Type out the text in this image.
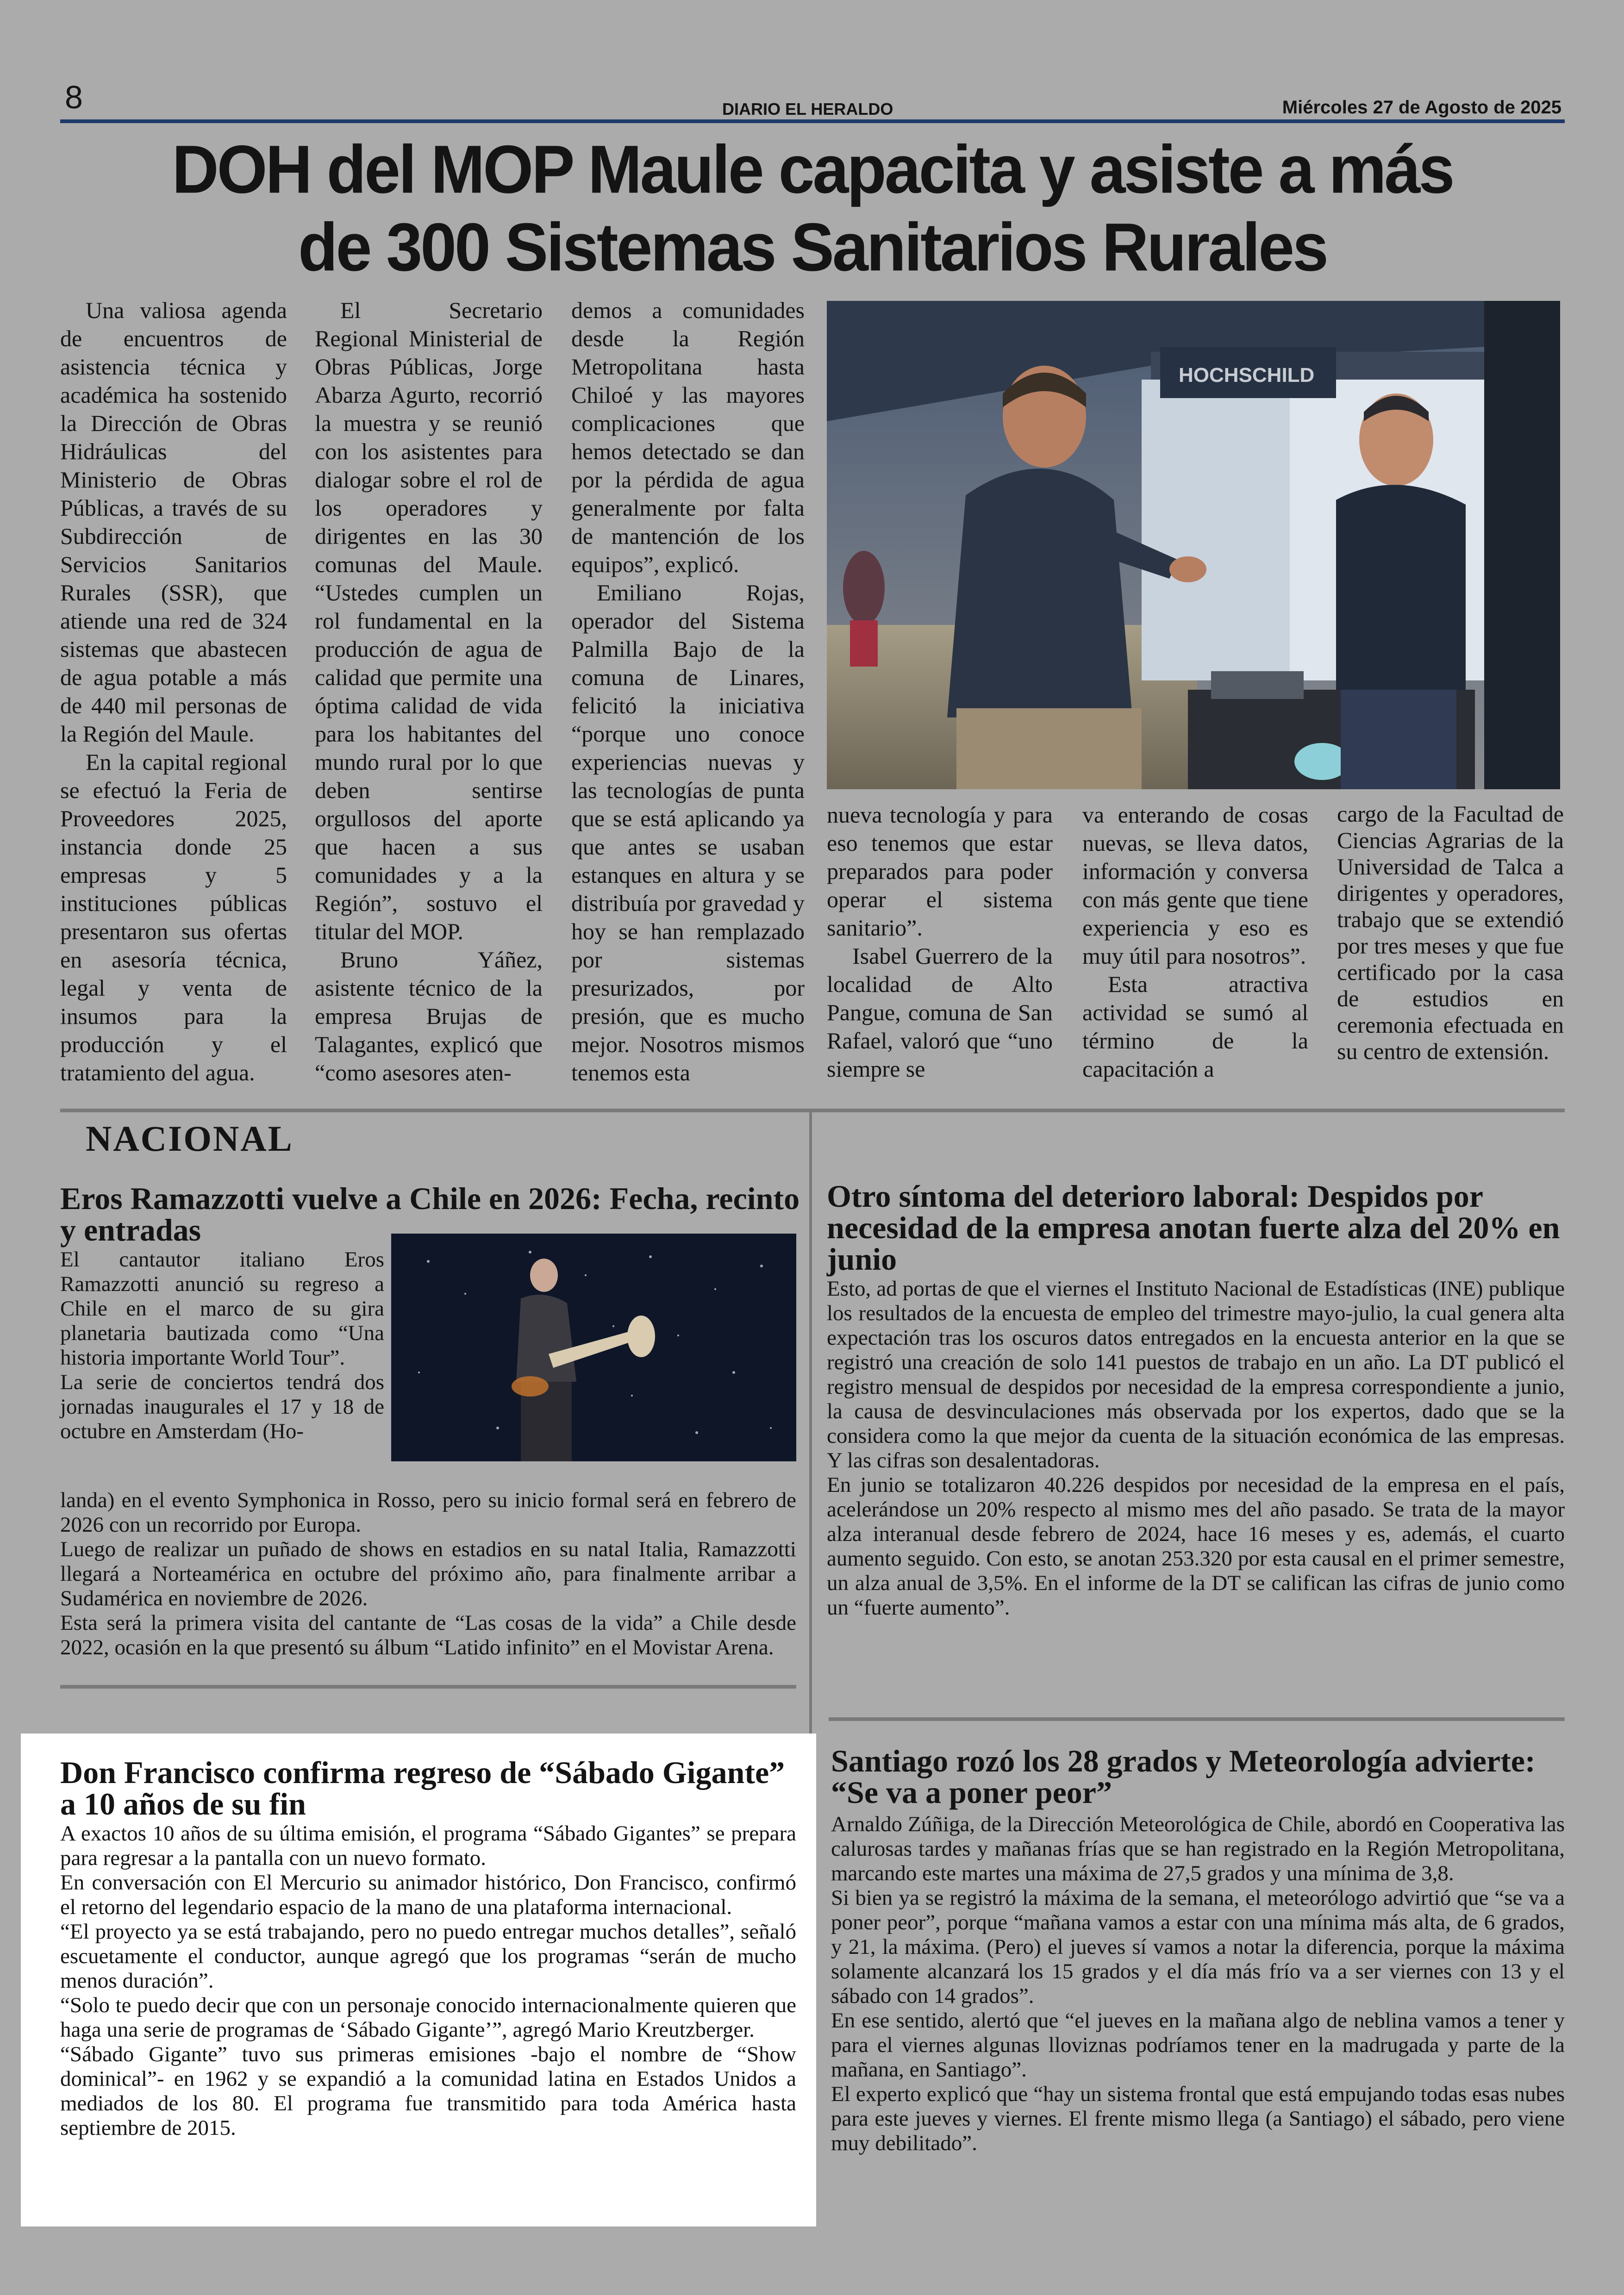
8	DIARIO EL HERALDO	Miércoles 27 de Agosto de 2025
DOH del MOP Maule capacita y asiste a más
de 300 Sistemas Sanitarios Rurales

Una valiosa agenda de encuentros de asistencia técnica y académica ha sostenido la Dirección de Obras Hidráulicas del Ministerio de Obras Públicas, a través de su Subdirección de Servicios Sanitarios Rurales (SSR), que atiende una red de 324 sistemas que abastecen de agua potable a más de 440 mil personas de la Región del Maule.

En la capital regional se efectuó la Feria de Proveedores 2025, instancia donde 25 empresas y 5 instituciones públicas presentaron sus ofertas en asesoría técnica, legal y venta de insumos para la producción y el tratamiento del agua.

El Secretario Regional Ministerial de Obras Públicas, Jorge Abarza Agurto, recorrió la muestra y se reunió con los asistentes para dialogar sobre el rol de los operadores y dirigentes en las 30 comunas del Maule. “Ustedes cumplen un rol fundamental en la producción de agua de calidad que permite una óptima calidad de vida para los habitantes del mundo rural por lo que deben sentirse orgullosos del aporte que hacen a sus comunidades y a la Región”, sostuvo el titular del MOP.

Bruno Yáñez, asistente técnico de la empresa Brujas de Talagantes, explicó que “como asesores aten-

demos a comunidades desde la Región Metropolitana hasta Chiloé y las mayores complicaciones que hemos detectado se dan por la pérdida de agua generalmente por falta de mantención de los equipos”, explicó.

Emiliano Rojas, operador del Sistema Palmilla Bajo de la comuna de Linares, felicitó la iniciativa “porque uno conoce experiencias nuevas y las tecnologías de punta que se está aplicando ya que antes se usaban estanques en altura y se distribuía por gravedad y hoy se han remplazado por sistemas presurizados, por presión, que es mucho mejor. Nosotros mismos tenemos esta

HOCHSCHILD

nueva tecnología y para eso tenemos que estar preparados para poder operar el sistema sanitario”.

Isabel Guerrero de la localidad de Alto Pangue, comuna de San Rafael, valoró que “uno siempre se

va enterando de cosas nuevas, se lleva datos, información y conversa con más gente que tiene experiencia y eso es muy útil para nosotros”.

Esta atractiva actividad se sumó al término de la capacitación a

cargo de la Facultad de Ciencias Agrarias de la Universidad de Talca a dirigentes y operadores, trabajo que se extendió por tres meses y que fue certificado por la casa de estudios en ceremonia efectuada en su centro de extensión.

NACIONAL
Eros Ramazzotti vuelve a Chile en 2026: Fecha, recinto y entradas

El cantautor italiano Eros Ramazzotti anunció su regreso a Chile en el marco de su gira planetaria bautizada como “Una historia importante World Tour”.

La serie de conciertos tendrá dos jornadas inaugurales el 17 y 18 de octubre en Amsterdam (Ho-

landa) en el evento Symphonica in Rosso, pero su inicio formal será en febrero de 2026 con un recorrido por Europa.

Luego de realizar un puñado de shows en estadios en su natal Italia, Ramazzotti llegará a Norteamérica en octubre del próximo año, para finalmente arribar a Sudamérica en noviembre de 2026.

Esta será la primera visita del cantante de “Las cosas de la vida” a Chile desde 2022, ocasión en la que presentó su álbum “Latido infinito” en el Movistar Arena.

Otro síntoma del deterioro laboral: Despidos por necesidad de la empresa anotan fuerte alza del 20% en junio

Esto, ad portas de que el viernes el Instituto Nacional de Estadísticas (INE) publique los resultados de la encuesta de empleo del trimestre mayo-julio, la cual genera alta expectación tras los oscuros datos entregados en la encuesta anterior en la que se registró una creación de solo 141 puestos de trabajo en un año. La DT publicó el registro mensual de despidos por necesidad de la empresa correspondiente a junio, la causa de desvinculaciones más observada por los expertos, dado que se la considera como la que mejor da cuenta de la situación económica de las empresas. Y las cifras son desalentadoras.

En junio se totalizaron 40.226 despidos por necesidad de la empresa en el país, acelerándose un 20% respecto al mismo mes del año pasado. Se trata de la mayor alza interanual desde febrero de 2024, hace 16 meses y es, además, el cuarto aumento seguido. Con esto, se anotan 253.320 por esta causal en el primer semestre, un alza anual de 3,5%. En el informe de la DT se califican las cifras de junio como un “fuerte aumento”.

Don Francisco confirma regreso de “Sábado Gigante” a 10 años de su fin

A exactos 10 años de su última emisión, el programa “Sábado Gigantes” se prepara para regresar a la pantalla con un nuevo formato.

En conversación con El Mercurio su animador histórico, Don Francisco, confirmó el retorno del legendario espacio de la mano de una plataforma internacional.

“El proyecto ya se está trabajando, pero no puedo entregar muchos detalles”, señaló escuetamente el conductor, aunque agregó que los programas “serán de mucho menos duración”.

“Solo te puedo decir que con un personaje conocido internacionalmente quieren que haga una serie de programas de ‘Sábado Gigante’”, agregó Mario Kreutzberger.

“Sábado Gigante” tuvo sus primeras emisiones -bajo el nombre de “Show dominical”- en 1962 y se expandió a la comunidad latina en Estados Unidos a mediados de los 80. El programa fue transmitido para toda América hasta septiembre de 2015.

Santiago rozó los 28 grados y Meteorología advierte: “Se va a poner peor”

Arnaldo Zúñiga, de la Dirección Meteorológica de Chile, abordó en Cooperativa las calurosas tardes y mañanas frías que se han registrado en la Región Metropolitana, marcando este martes una máxima de 27,5 grados y una mínima de 3,8.

Si bien ya se registró la máxima de la semana, el meteorólogo advirtió que “se va a poner peor”, porque “mañana vamos a estar con una mínima más alta, de 6 grados, y 21, la máxima. (Pero) el jueves sí vamos a notar la diferencia, porque la máxima solamente alcanzará los 15 grados y el día más frío va a ser viernes con 13 y el sábado con 14 grados”.

En ese sentido, alertó que “el jueves en la mañana algo de neblina vamos a tener y para el viernes algunas lloviznas podríamos tener en la madrugada y parte de la mañana, en Santiago”.

El experto explicó que “hay un sistema frontal que está empujando todas esas nubes para este jueves y viernes. El frente mismo llega (a Santiago) el sábado, pero viene muy debilitado”.
